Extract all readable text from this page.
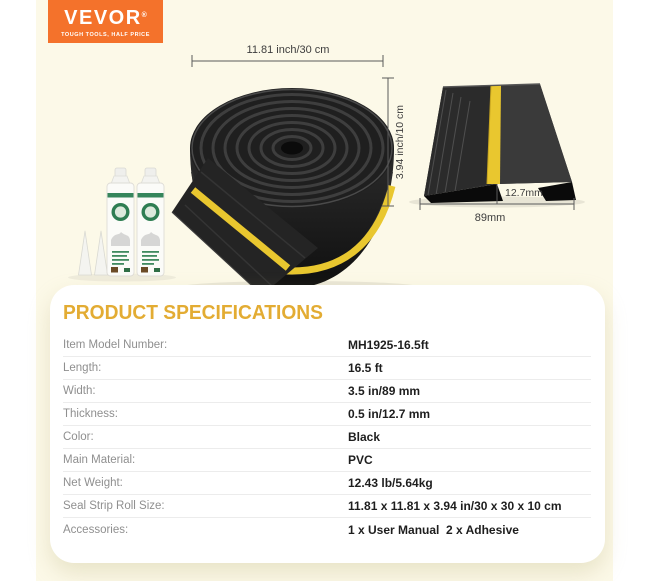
VEVOR®
TOUGH TOOLS, HALF PRICE
11.81 inch/30 cm
3.94 inch/10 cm
12.7mm
89mm
PRODUCT SPECIFICATIONS
Item Model Number:	MH1925-16.5ft
Length:	16.5 ft
Width:	3.5 in/89 mm
Thickness:	0.5 in/12.7 mm
Color:	Black
Main Material:	PVC
Net Weight:	12.43 lb/5.64kg
Seal Strip Roll Size:	11.81 x 11.81 x 3.94 in/30 x 30 x 10 cm
Accessories:	1 x User Manual  2 x Adhesive
